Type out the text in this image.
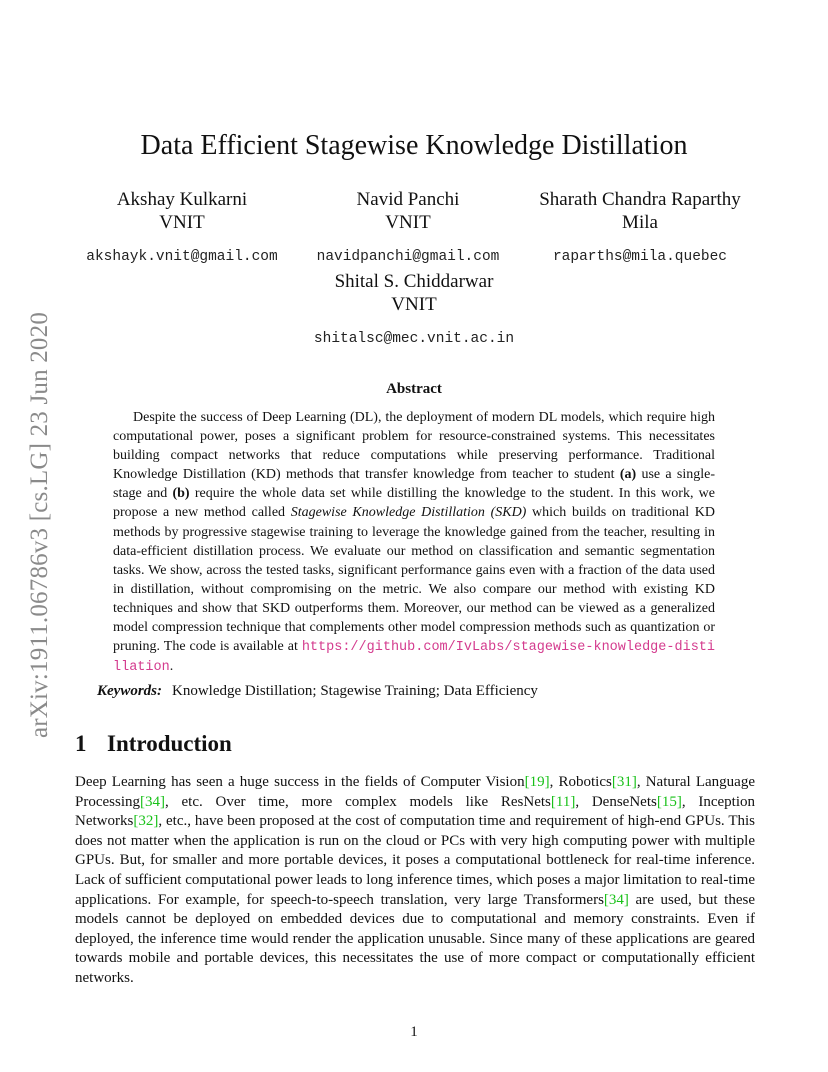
Data Efficient Stagewise Knowledge Distillation
Akshay Kulkarni
VNIT
akshayk.vnit@gmail.com
Navid Panchi
VNIT
navidpanchi@gmail.com
Sharath Chandra Raparthy
Mila
raparths@mila.quebec
Shital S. Chiddarwar
VNIT
shitalsc@mec.vnit.ac.in
arXiv:1911.06786v3 [cs.LG] 23 Jun 2020	Abstract
Despite the success of Deep Learning (DL), the deployment of modern DL models, which require high computational power, poses a significant problem for resource-constrained systems. This necessitates building compact networks that reduce computations while preserving performance. Traditional Knowledge Distillation (KD) methods that transfer knowledge from teacher to student (a) use a single-stage and (b) require the whole data set while distilling the knowledge to the student. In this work, we propose a new method called Stagewise Knowledge Distillation (SKD) which builds on traditional KD methods by progressive stagewise training to leverage the knowledge gained from the teacher, resulting in data-efficient distillation process. We evaluate our method on classification and semantic segmentation tasks. We show, across the tested tasks, significant performance gains even with a fraction of the data used in distillation, without compromising on the metric. We also compare our method with existing KD techniques and show that SKD outperforms them. Moreover, our method can be viewed as a generalized model compression technique that complements other model compression methods such as quantization or pruning. The code is available at https://github.com/IvLabs/stagewise-knowledge-distillation.
Keywords: Knowledge Distillation; Stagewise Training; Data Efficiency
1 Introduction
Deep Learning has seen a huge success in the fields of Computer Vision[19], Robotics[31], Natural Language Processing[34], etc. Over time, more complex models like ResNets[11], DenseNets[15], Inception Networks[32], etc., have been proposed at the cost of computation time and requirement of high-end GPUs. This does not matter when the application is run on the cloud or PCs with very high computing power with multiple GPUs. But, for smaller and more portable devices, it poses a computational bottleneck for real-time inference. Lack of sufficient computational power leads to long inference times, which poses a major limitation to real-time applications. For example, for speech-to-speech translation, very large Transformers[34] are used, but these models cannot be deployed on embedded devices due to computational and memory constraints. Even if deployed, the inference time would render the application unusable. Since many of these applications are geared towards mobile and portable devices, this necessitates the use of more compact or computationally efficient networks.
1
